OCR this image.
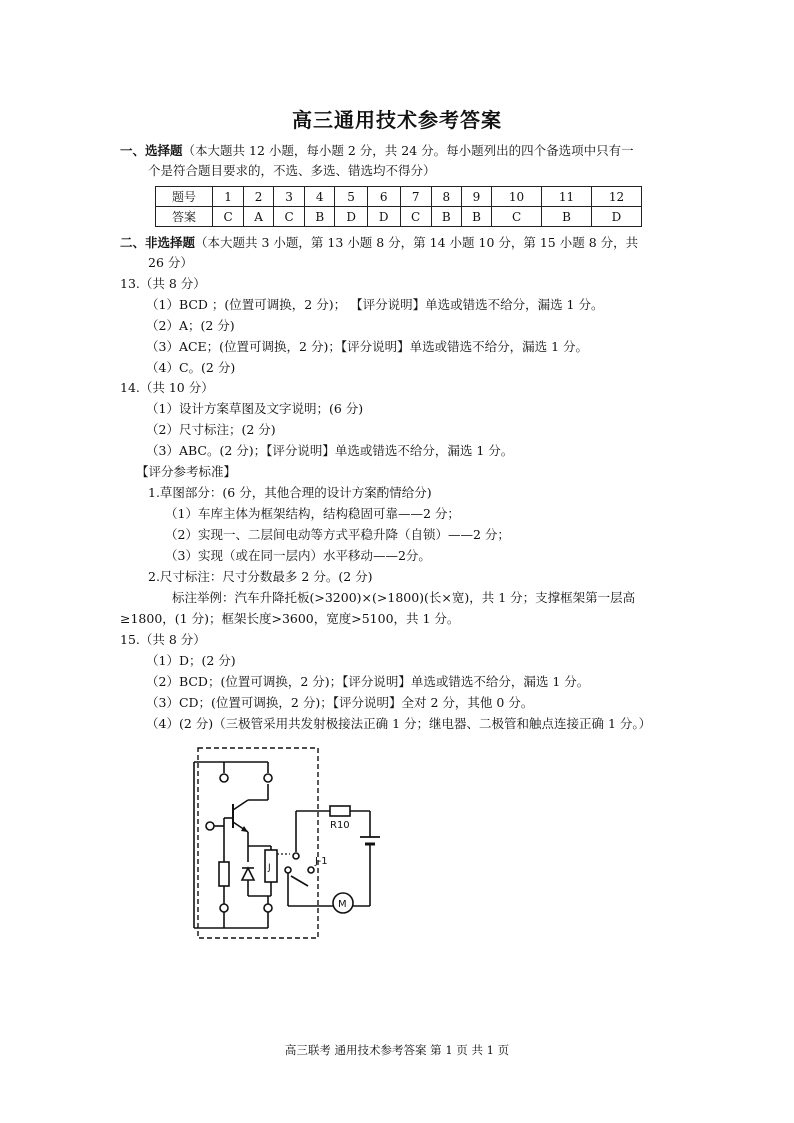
高三通用技术参考答案
一、选择题（本大题共 12 小题，每小题 2 分，共 24 分。每小题列出的四个备选项中只有一
个是符合题目要求的，不选、多选、错选均不得分）
题号	1	2	3	4	5	6	7	8	9	10	11	12
答案	C	A	C	B	D	D	C	B	B	C	B	D
二、非选择题（本大题共 3 小题，第 13 小题 8 分，第 14 小题 10 分，第 15 小题 8 分，共
26 分）
13.（共 8 分）
（1）BCD ；(位置可调换，2 分)； 【评分说明】单选或错选不给分，漏选 1 分。
（2）A；(2 分)
（3）ACE；(位置可调换，2 分)；【评分说明】单选或错选不给分，漏选 1 分。
（4）C。(2 分)
14.（共 10 分）
（1）设计方案草图及文字说明；(6 分)
（2）尺寸标注；(2 分)
（3）ABC。(2 分)；【评分说明】单选或错选不给分，漏选 1 分。
【评分参考标准】
1.草图部分：(6 分，其他合理的设计方案酌情给分)
（1）车库主体为框架结构，结构稳固可靠——2 分；
（2）实现一、二层间电动等方式平稳升降（自锁）——2 分；
（3）实现（或在同一层内）水平移动——2分。
2.尺寸标注：尺寸分数最多 2 分。(2 分)
标注举例：汽车升降托板(>3200)×(>1800)(长×宽)，共 1 分；支撑框架第一层高
≥1800，(1 分)；框架长度>3600，宽度>5100，共 1 分。
15.（共 8 分）
（1）D；(2 分)
（2）BCD；(位置可调换，2 分)；【评分说明】单选或错选不给分，漏选 1 分。
（3）CD；(位置可调换，2 分)；【评分说明】全对 2 分，其他 0 分。
（4）(2 分)（三极管采用共发射极接法正确 1 分；继电器、二极管和触点连接正确 1 分。）
R10
J-1
J
M
高三联考 通用技术参考答案 第 1 页 共 1 页
